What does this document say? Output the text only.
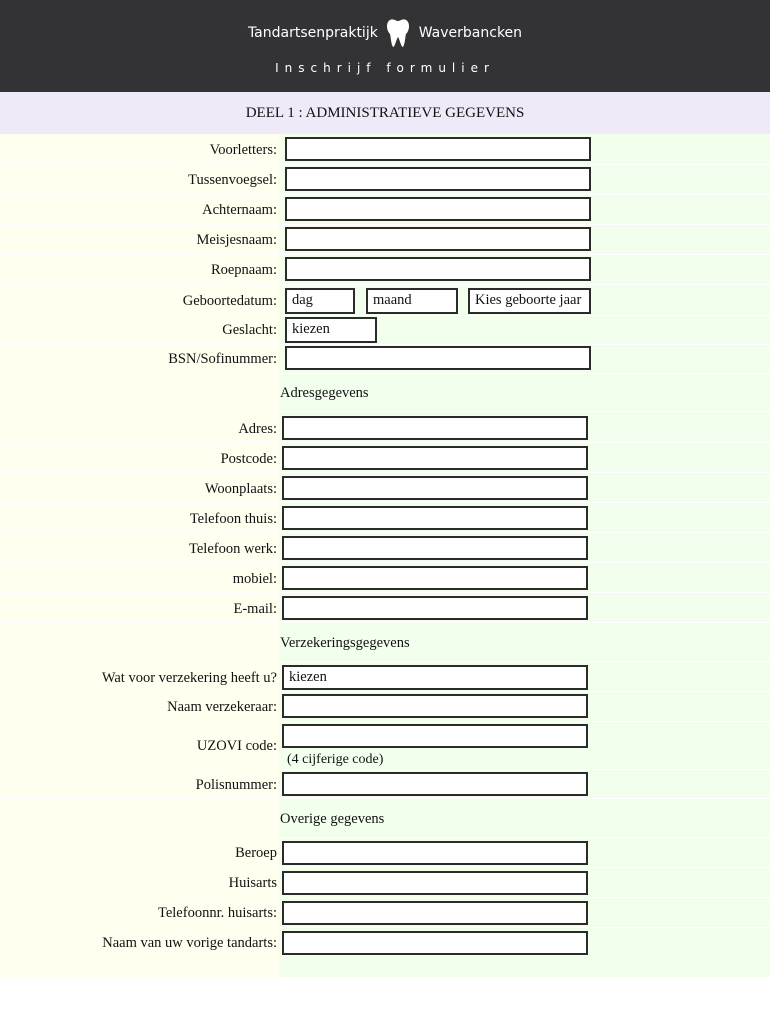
Tandartsenpraktijk	Waverbancken
Inschrijf formulier
DEEL 1 : ADMINISTRATIEVE GEGEVENS
Voorletters:
Tussenvoegsel:
Achternaam:
Meisjesnaam:
Roepnaam:
Geboortedatum:	dag	maand	Kies geboorte jaar
Geslacht:	kiezen
BSN/Sofinummer:
Adresgegevens
Adres:
Postcode:
Woonplaats:
Telefoon thuis:
Telefoon werk:
mobiel:
E-mail:
Verzekeringsgegevens
Wat voor verzekering heeft u? kiezen
Naam verzekeraar:
UZOVI code:
(4 cijferige code)
Polisnummer:
Overige gegevens
Beroep
Huisarts
Telefoonnr. huisarts:
Naam van uw vorige tandarts:
